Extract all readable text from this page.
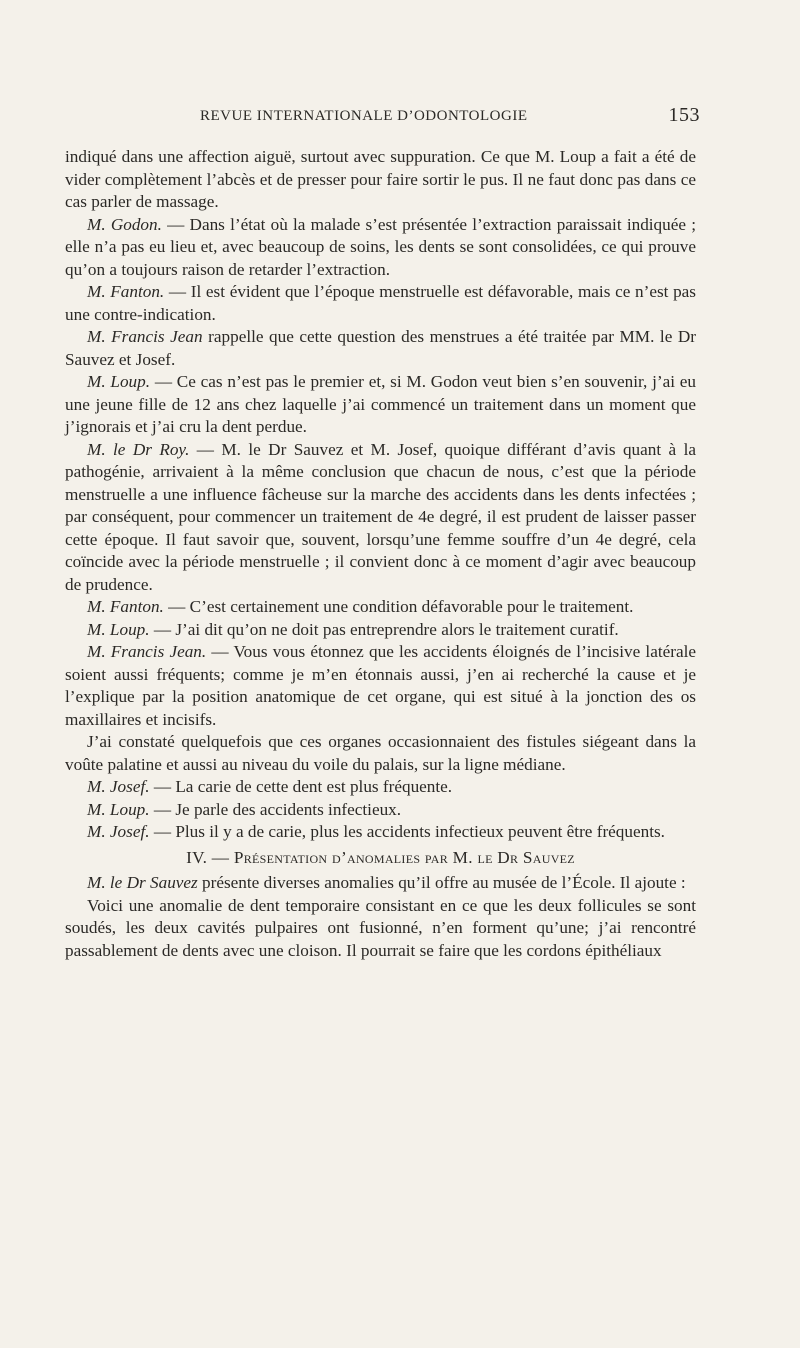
REVUE INTERNATIONALE D’ODONTOLOGIE	153

indiqué dans une affection aiguë, surtout avec suppuration. Ce que M. Loup a fait a été de vider complètement l’abcès et de presser pour faire sortir le pus. Il ne faut donc pas dans ce cas parler de massage.

M. Godon. — Dans l’état où la malade s’est présentée l’extraction paraissait indiquée ; elle n’a pas eu lieu et, avec beaucoup de soins, les dents se sont consolidées, ce qui prouve qu’on a toujours raison de retarder l’extraction.

M. Fanton. — Il est évident que l’époque menstruelle est défavorable, mais ce n’est pas une contre-indication.

M. Francis Jean rappelle que cette question des menstrues a été traitée par MM. le Dr Sauvez et Josef.

M. Loup. — Ce cas n’est pas le premier et, si M. Godon veut bien s’en souvenir, j’ai eu une jeune fille de 12 ans chez laquelle j’ai commencé un traitement dans un moment que j’ignorais et j’ai cru la dent perdue.

M. le Dr Roy. — M. le Dr Sauvez et M. Josef, quoique différant d’avis quant à la pathogénie, arrivaient à la même conclusion que chacun de nous, c’est que la période menstruelle a une influence fâcheuse sur la marche des accidents dans les dents infectées ; par conséquent, pour commencer un traitement de 4e degré, il est prudent de laisser passer cette époque. Il faut savoir que, souvent, lorsqu’une femme souffre d’un 4e degré, cela coïncide avec la période menstruelle ; il convient donc à ce moment d’agir avec beaucoup de prudence.

M. Fanton. — C’est certainement une condition défavorable pour le traitement.

M. Loup. — J’ai dit qu’on ne doit pas entreprendre alors le traitement curatif.

M. Francis Jean. — Vous vous étonnez que les accidents éloignés de l’incisive latérale soient aussi fréquents; comme je m’en étonnais aussi, j’en ai recherché la cause et je l’explique par la position anatomique de cet organe, qui est situé à la jonction des os maxillaires et incisifs.

J’ai constaté quelquefois que ces organes occasionnaient des fistules siégeant dans la voûte palatine et aussi au niveau du voile du palais, sur la ligne médiane.

M. Josef. — La carie de cette dent est plus fréquente.

M. Loup. — Je parle des accidents infectieux.

M. Josef. — Plus il y a de carie, plus les accidents infectieux peuvent être fréquents.

IV. — Présentation d’anomalies par M. le Dr Sauvez

M. le Dr Sauvez présente diverses anomalies qu’il offre au musée de l’École. Il ajoute :

Voici une anomalie de dent temporaire consistant en ce que les deux follicules se sont soudés, les deux cavités pulpaires ont fusionné, n’en forment qu’une; j’ai rencontré passablement de dents avec une cloison. Il pourrait se faire que les cordons épithéliaux
